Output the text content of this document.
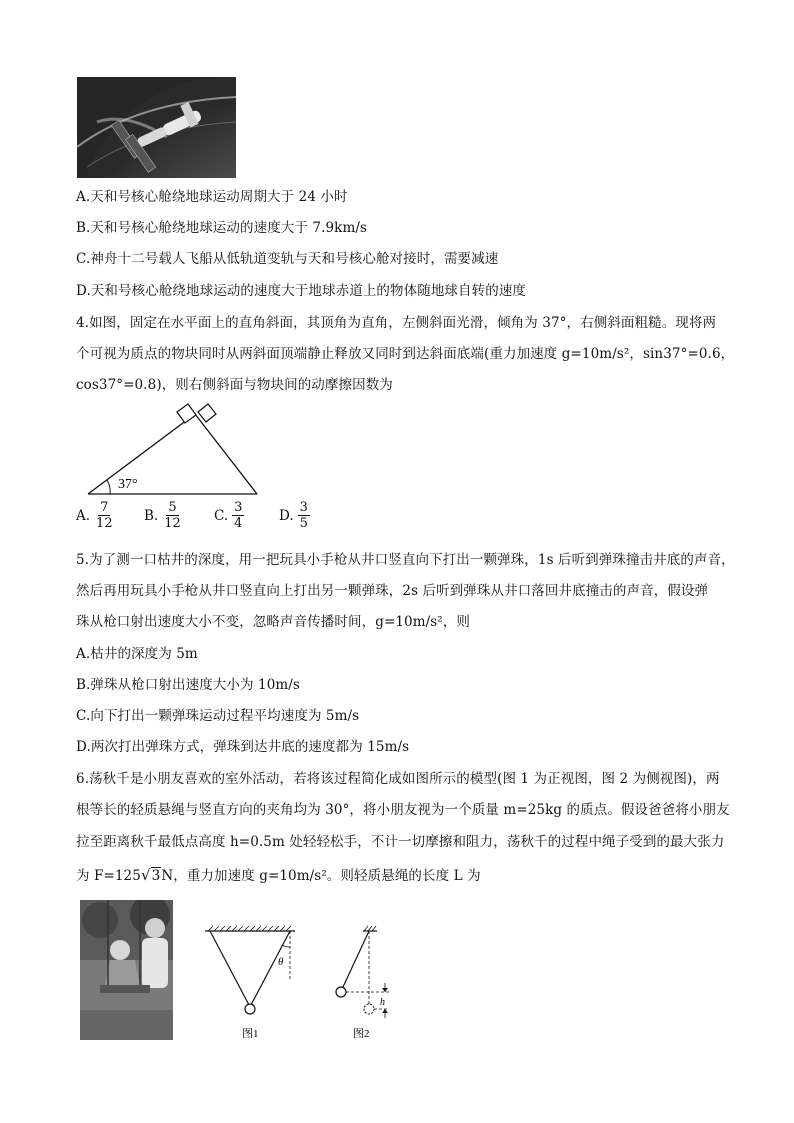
A.天和号核心舱绕地球运动周期大于 24 小时
B.天和号核心舱绕地球运动的速度大于 7.9km/s
C.神舟十二号载人飞船从低轨道变轨与天和号核心舱对接时，需要减速
D.天和号核心舱绕地球运动的速度大于地球赤道上的物体随地球自转的速度
4.如图，固定在水平面上的直角斜面，其顶角为直角，左侧斜面光滑，倾角为 37°，右侧斜面粗糙。现将两
个可视为质点的物块同时从两斜面顶端静止释放又同时到达斜面底端(重力加速度 g=10m/s²，sin37°=0.6，
cos37°=0.8)，则右侧斜面与物块间的动摩擦因数为
37°
A. $\frac{7}{12} B$. $\frac{5}{12} C$. $\frac{3}{4}$	D. $\frac{3}{5}$
5.为了测一口枯井的深度，用一把玩具小手枪从井口竖直向下打出一颗弹珠，1s 后听到弹珠撞击井底的声音，
然后再用玩具小手枪从井口竖直向上打出另一颗弹珠，2s 后听到弹珠从井口落回井底撞击的声音，假设弹
珠从枪口射出速度大小不变，忽略声音传播时间，g=10m/s²，则
A.枯井的深度为 5m
B.弹珠从枪口射出速度大小为 10m/s
C.向下打出一颗弹珠运动过程平均速度为 5m/s
D.两次打出弹珠方式，弹珠到达井底的速度都为 15m/s
6.荡秋千是小朋友喜欢的室外活动，若将该过程简化成如图所示的模型(图 1 为正视图，图 2 为侧视图)，两
根等长的轻质悬绳与竖直方向的夹角均为 30°，将小朋友视为一个质量 m=25kg 的质点。假设爸爸将小朋友
拉至距离秋千最低点高度 h=0.5m 处轻轻松手，不计一切摩擦和阻力，荡秋千的过程中绳子受到的最大张力
为 F=125√3N，重力加速度 g=10m/s²。则轻质悬绳的长度 L 为
θ
图1
h
图2
